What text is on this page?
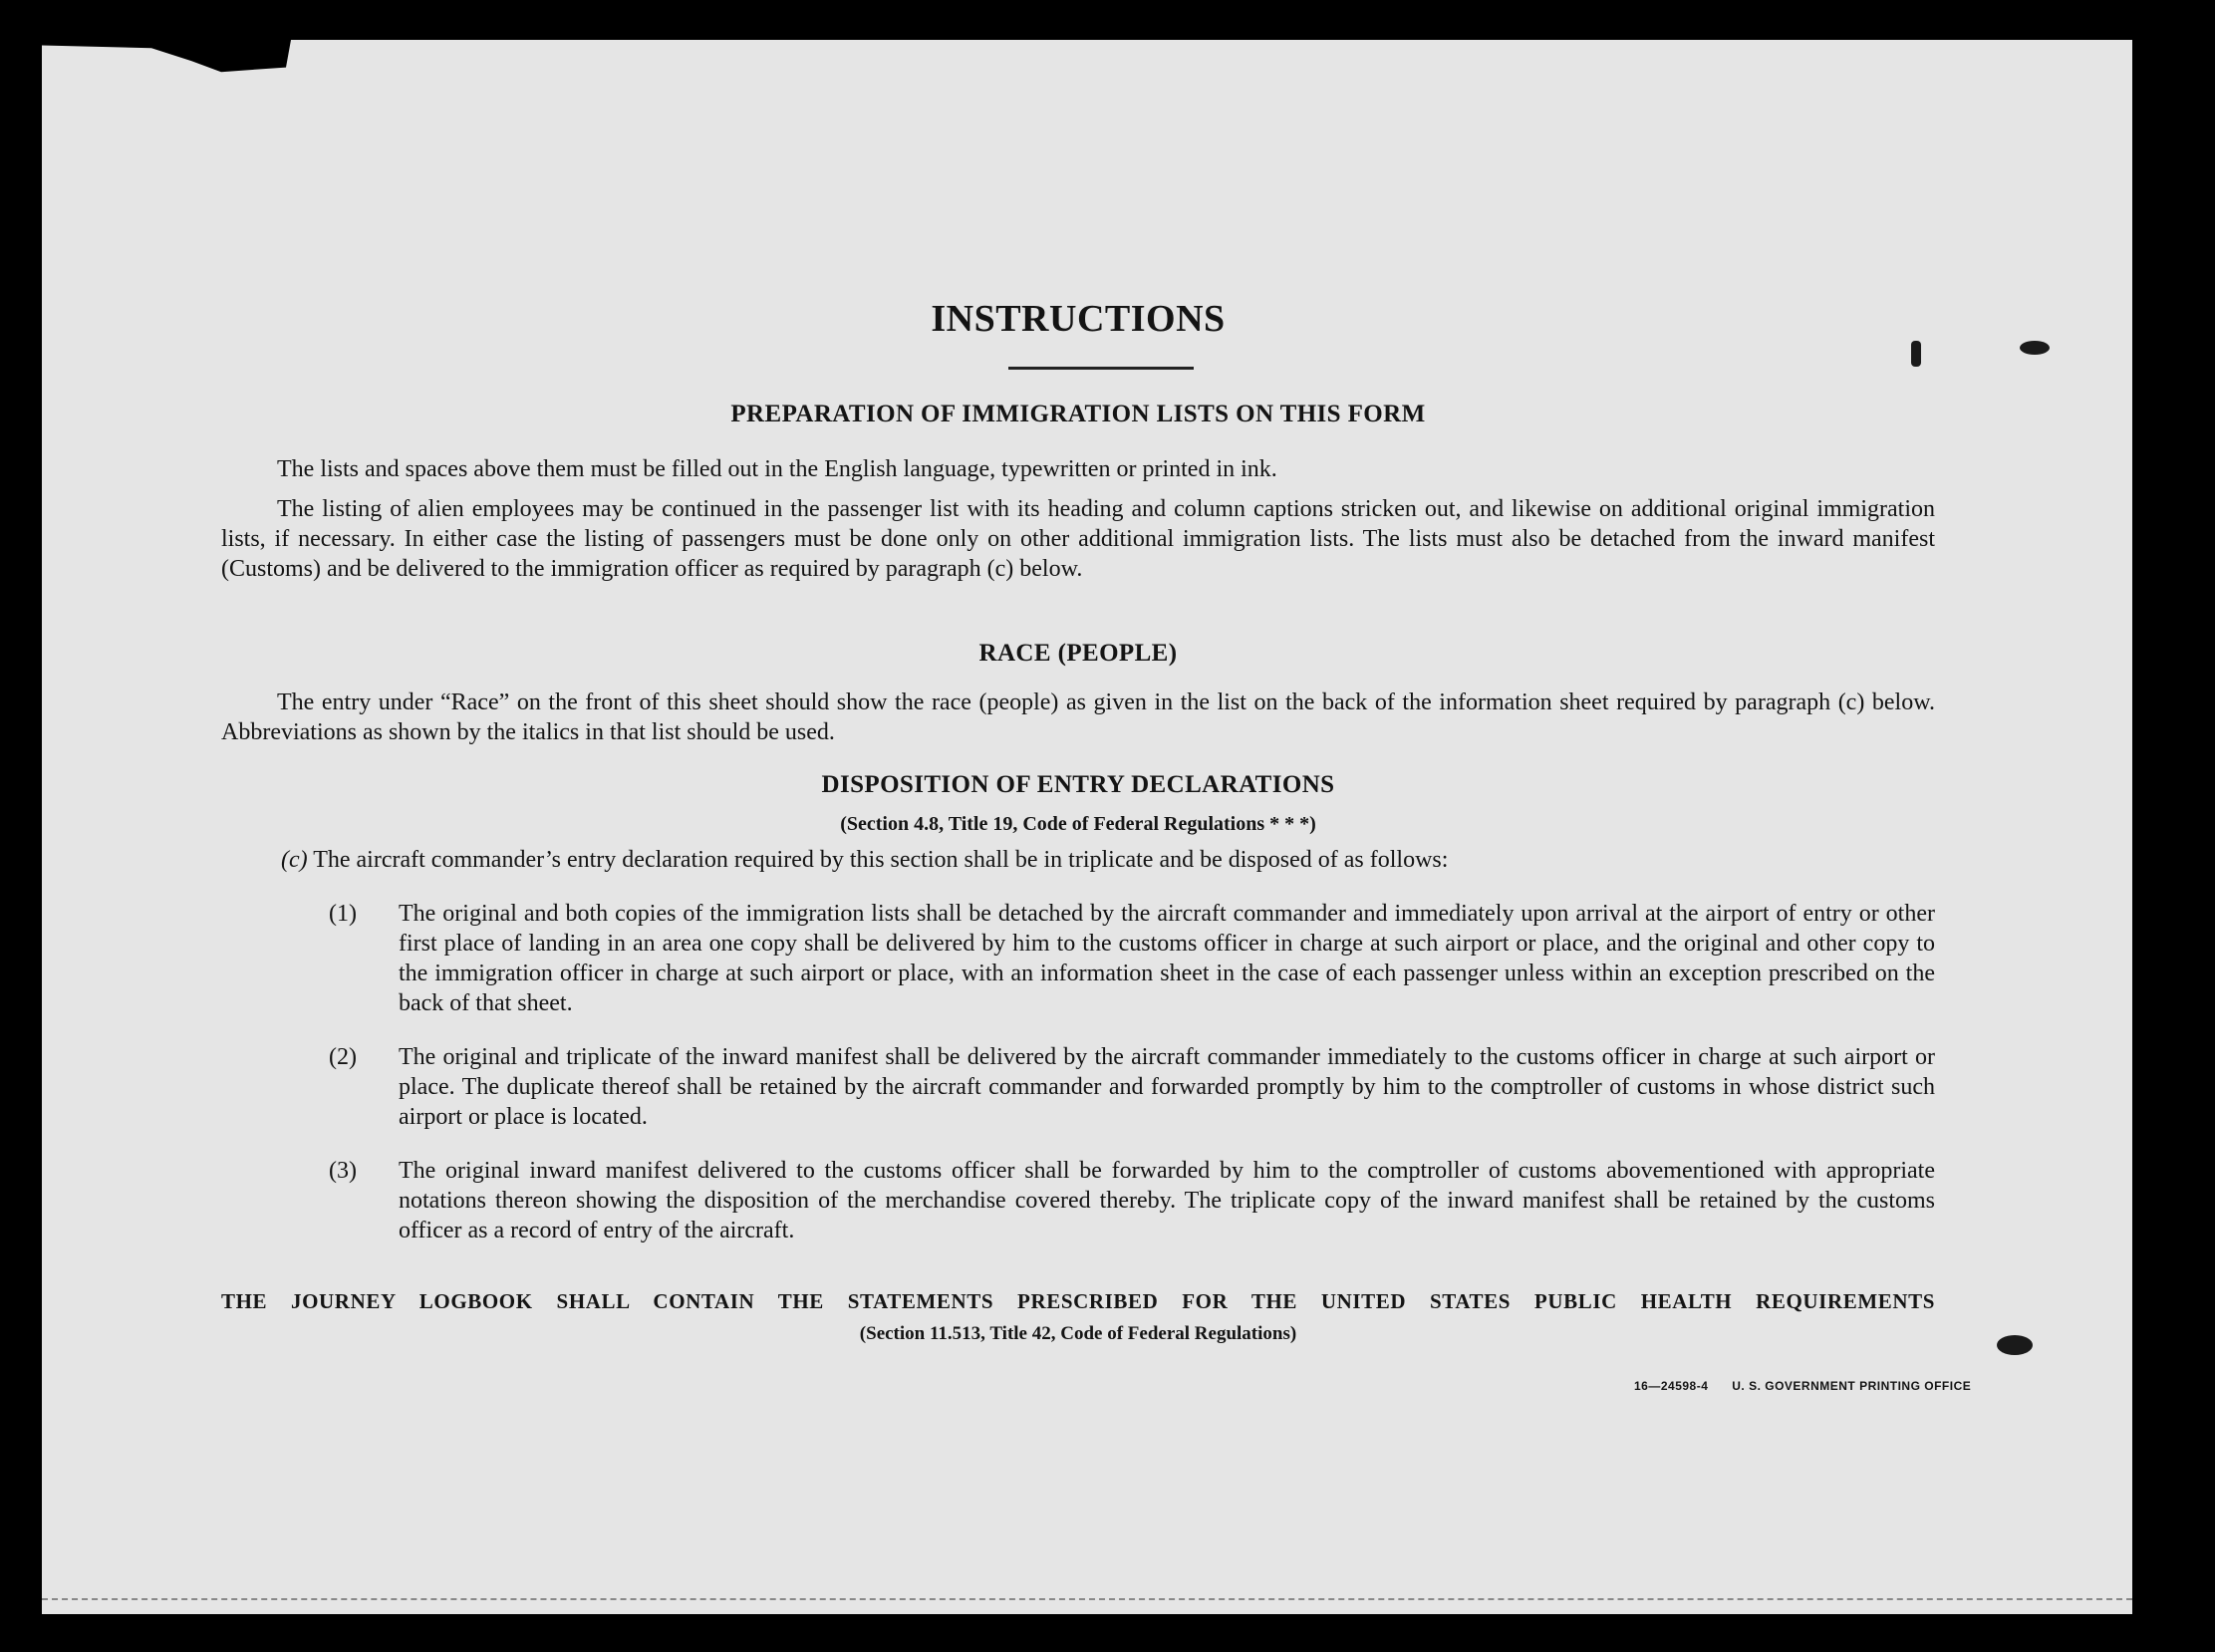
INSTRUCTIONS
PREPARATION OF IMMIGRATION LISTS ON THIS FORM

The lists and spaces above them must be filled out in the English language, typewritten or printed in ink.

The listing of alien employees may be continued in the passenger list with its heading and column captions stricken out, and likewise on additional original immigration lists, if necessary. In either case the listing of passengers must be done only on other additional immigration lists. The lists must also be detached from the inward manifest (Customs) and be delivered to the immigration officer as required by paragraph (c) below.

RACE (PEOPLE)

The entry under “Race” on the front of this sheet should show the race (people) as given in the list on the back of the information sheet required by paragraph (c) below. Abbreviations as shown by the italics in that list should be used.

DISPOSITION OF ENTRY DECLARATIONS
(Section 4.8, Title 19, Code of Federal Regulations * * *)

(c) The aircraft commander’s entry declaration required by this section shall be in triplicate and be disposed of as follows:

(1) The original and both copies of the immigration lists shall be detached by the aircraft commander and immediately upon arrival at the airport of entry or other first place of landing in an area one copy shall be delivered by him to the customs officer in charge at such airport or place, and the original and other copy to the immigration officer in charge at such airport or place, with an information sheet in the case of each passenger unless within an exception prescribed on the back of that sheet.

(2) The original and triplicate of the inward manifest shall be delivered by the aircraft commander immediately to the customs officer in charge at such airport or place. The duplicate thereof shall be retained by the aircraft commander and forwarded promptly by him to the comptroller of customs in whose district such airport or place is located.

(3) The original inward manifest delivered to the customs officer shall be forwarded by him to the comptroller of customs abovementioned with appropriate notations thereon showing the disposition of the merchandise covered thereby. The triplicate copy of the inward manifest shall be retained by the customs officer as a record of entry of the aircraft.

THE JOURNEY LOGBOOK SHALL CONTAIN THE STATEMENTS PRESCRIBED FOR THE UNITED STATES PUBLIC HEALTH REQUIREMENTS
(Section 11.513, Title 42, Code of Federal Regulations)
16—24598-4 U. S. GOVERNMENT PRINTING OFFICE
